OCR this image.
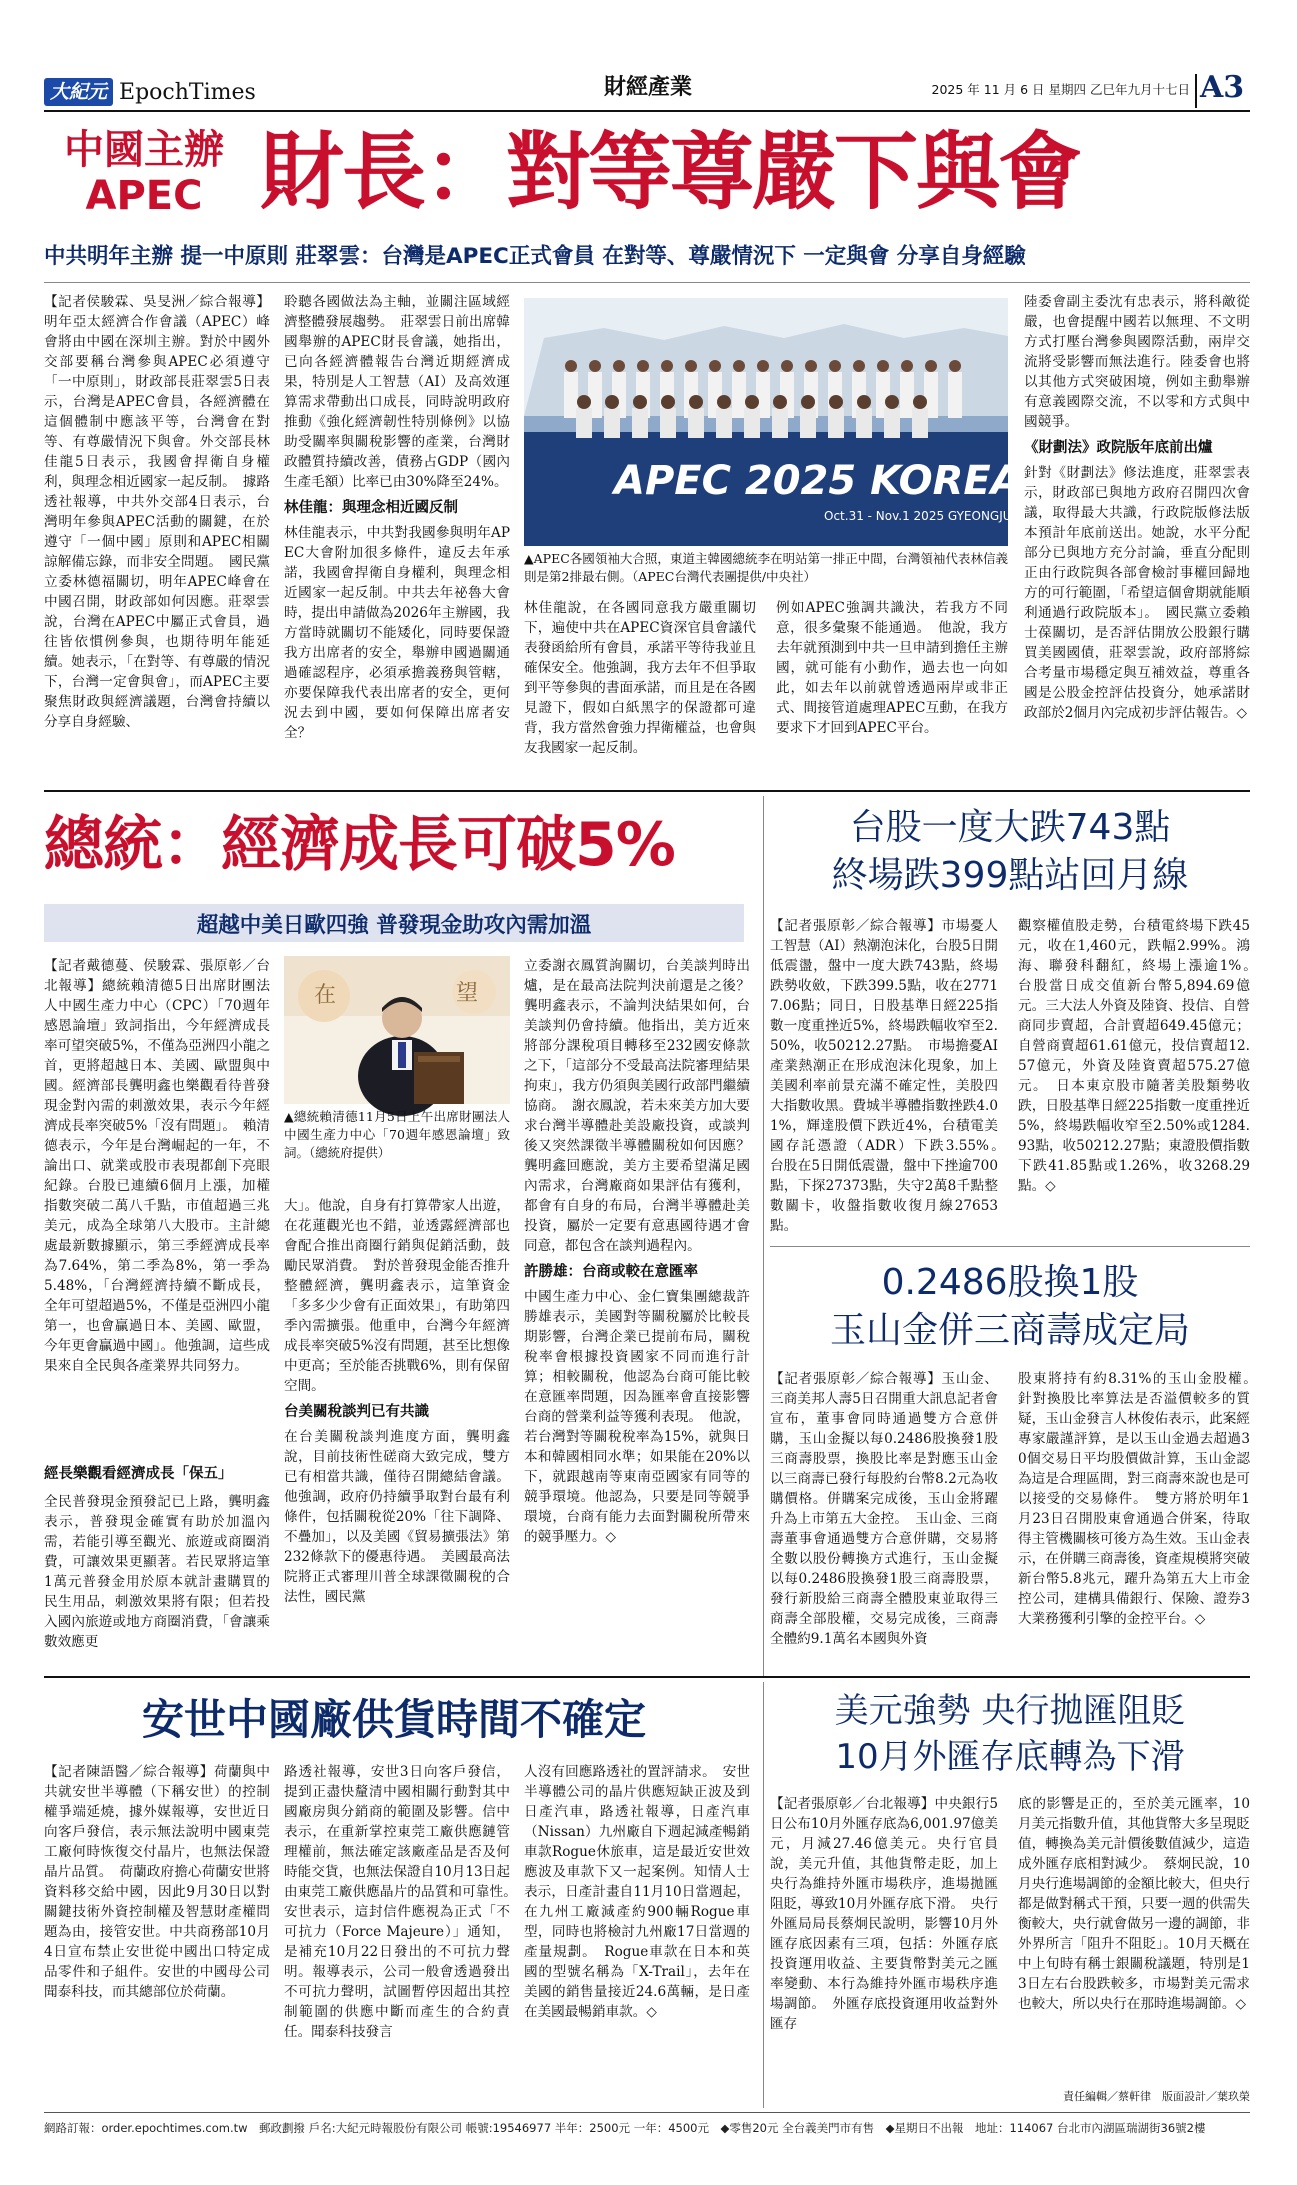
大紀元 EpochTimes	財經產業	2025 年 11 月 6 日 星期四 乙巳年九月十七日 A3
中國主辦
APEC 財長：對等尊嚴下與會
中共明年主辦 提一中原則 莊翠雲：台灣是APEC正式會員 在對等、尊嚴情況下 一定與會 分享自身經驗
【記者侯駿霖、吳旻洲／綜合報導】明年亞太經濟合作會議（APEC）峰會將由中國在深圳主辦。對於中國外交部要稱台灣參與APEC必須遵守「一中原則」，財政部長莊翠雲5日表示，台灣是APEC會員，各經濟體在這個體制中應該平等，台灣會在對等、有尊嚴情況下與會。外交部長林佳龍5日表示，我國會捍衛自身權利，與理念相近國家一起反制。　據路透社報導，中共外交部4日表示，台灣明年參與APEC活動的關鍵，在於遵守「一個中國」原則和APEC相關諒解備忘錄，而非安全問題。　國民黨立委林德福關切，明年APEC峰會在中國召開，財政部如何因應。莊翠雲說，台灣在APEC中屬正式會員，過往皆依慣例參與，也期待明年能延續。她表示，「在對等、有尊嚴的情況下，台灣一定會與會」，而APEC主要聚焦財政與經濟議題，台灣會持續以分享自身經驗、
聆聽各國做法為主軸，並關注區域經濟整體發展趨勢。　莊翠雲日前出席韓國舉辦的APEC財長會議，她指出，已向各經濟體報告台灣近期經濟成果，特別是人工智慧（AI）及高效運算需求帶動出口成長，同時說明政府推動《強化經濟韌性特別條例》以協助受關率與關稅影響的產業，台灣財政體質持續改善，債務占GDP（國內生產毛額）比率已由30%降至24%。
林佳龍：與理念相近國反制
林佳龍表示，中共對我國參與明年APEC大會附加很多條件，違反去年承諾，我國會捍衛自身權利，與理念相近國家一起反制。中共去年祕魯大會時，提出申請做為2026年主辦國，我方當時就關切不能矮化，同時要保證我方出席者的安全，舉辦申國過關通過確認程序，必須承擔義務與管轄，亦要保障我代表出席者的安全，更何況去到中國，要如何保障出席者安全？
APEC 2025 KOREA
Oct.31 - Nov.1 2025 GYEONGJU
▲APEC各國領袖大合照，東道主韓國總統李在明站第一排正中間，台灣領袖代表林信義則是第2排最右側。（APEC台灣代表團提供/中央社）
林佳龍說，在各國同意我方嚴重關切下，遍使中共在APEC資深官員會議代表發函給所有會員，承諾平等待我並且確保安全。他強調，我方去年不但爭取到平等參與的書面承諾，而且是在各國見證下，假如白紙黑字的保證都可違背，我方當然會強力捍衛權益，也會與友我國家一起反制。
例如APEC強調共識決，若我方不同意，很多彙聚不能通過。　他說，我方去年就預測到中共一旦申請到擔任主辦國，就可能有小動作，過去也一向如此，如去年以前就曾透過兩岸或非正式、間接管道處理APEC互動，在我方要求下才回到APEC平台。
陸委會副主委沈有忠表示，將科敵從嚴，也會提醒中國若以無理、不文明方式打壓台灣參與國際活動，兩岸交流將受影響而無法進行。陸委會也將以其他方式突破困境，例如主動舉辦有意義國際交流，不以零和方式與中國競爭。
《財劃法》政院版年底前出爐
針對《財劃法》修法進度，莊翠雲表示，財政部已與地方政府召開四次會議，取得最大共識，行政院版修法版本預計年底前送出。她說，水平分配部分已與地方充分討論，垂直分配則正由行政院與各部會檢討事權回歸地方的可行範圍，「希望這個會期就能順利通過行政院版本」。　國民黨立委賴士葆關切，是否評估開放公股銀行購買美國國債，莊翠雲說，政府部將綜合考量市場穩定與互補效益，尊重各國是公股金控評估投資分，她承諾財政部於2個月內完成初步評估報告。◇
總統：經濟成長可破5%
超越中美日歐四強 普發現金助攻內需加溫
【記者戴德蔓、侯駿霖、張原彰／台北報導】總統賴清德5日出席財團法人中國生產力中心（CPC）「70週年感恩論壇」致詞指出，今年經濟成長率可望突破5%，不僅為亞洲四小龍之首，更將超越日本、美國、歐盟與中國。經濟部長龔明鑫也樂觀看待普發現金對內需的刺激效果，表示今年經濟成長率突破5%「沒有問題」。　賴清德表示，今年是台灣崛起的一年，不論出口、就業或股市表現都創下亮眼紀錄。台股已連續6個月上漲，加權指數突破二萬八千點，市值超過三兆美元，成為全球第八大股市。主計總處最新數據顯示，第三季經濟成長率為7.64%，第二季為8%，第一季為5.48%，「台灣經濟持續不斷成長，全年可望超過5%，不僅是亞洲四小龍第一，也會贏過日本、美國、歐盟，今年更會贏過中國」。他強調，這些成果來自全民與各產業界共同努力。
經長樂觀看經濟成長「保五」
全民普發現金預發記已上路，龔明鑫表示，普發現金確實有助於加溫內需，若能引導至觀光、旅遊或商圈消費，可讓效果更顯著。若民眾將這筆1萬元普發金用於原本就計畫購買的民生用品，刺激效果將有限；但若投入國內旅遊或地方商圈消費，「會讓乘數效應更
在	望
▲總統賴清德11月5日上午出席財團法人中國生產力中心「70週年感恩論壇」致詞。（總統府提供）
大」。他說，自身有打算帶家人出遊，在花蓮觀光也不錯，並透露經濟部也會配合推出商圈行銷與促銷活動，鼓勵民眾消費。　對於普發現金能否推升整體經濟，龔明鑫表示，這筆資金「多多少少會有正面效果」，有助第四季內需擴張。他重申，台灣今年經濟成長率突破5%沒有問題，甚至比想像中更高；至於能否挑戰6%，則有保留空間。
台美關稅談判已有共識
在台美關稅談判進度方面，龔明鑫說，目前技術性磋商大致完成，雙方已有相當共識，僅待召開總結會議。他強調，政府仍持續爭取對台最有利條件，包括關稅從20%「往下調降、不疊加」，以及美國《貿易擴張法》第232條款下的優惠待遇。　美國最高法院將正式審理川普全球課徵關稅的合法性，國民黨
立委謝衣鳳質詢關切，台美談判時出爐，是在最高法院判決前還是之後？龔明鑫表示，不論判決結果如何，台美談判仍會持續。他指出，美方近來將部分課稅項目轉移至232國安條款之下，「這部分不受最高法院審理結果拘束」，我方仍須與美國行政部門繼續協商。　謝衣鳳說，若未來美方加大要求台灣半導體赴美設廠投資，或談判後又突然課徵半導體關稅如何因應？龔明鑫回應說，美方主要希望滿足國內需求，台灣廠商如果評估有獲利，都會有自身的布局，台灣半導體赴美投資，屬於一定要有意惠國待遇才會同意，都包含在談判過程內。
許勝雄：台商或較在意匯率
中國生產力中心、金仁寶集團總裁許勝雄表示，美國對等關稅屬於比較長期影響，台灣企業已提前布局，關稅稅率會根據投資國家不同而進行計算；相較關稅，他認為台商可能比較在意匯率問題，因為匯率會直接影響台商的營業利益等獲利表現。　他說，若台灣對等關稅稅率為15%，就與日本和韓國相同水準；如果能在20%以下，就跟越南等東南亞國家有同等的競爭環境。他認為，只要是同等競爭環境，台商有能力去面對關稅所帶來的競爭壓力。◇
台股一度大跌743點
終場跌399點站回月線
【記者張原彰／綜合報導】市場憂人工智慧（AI）熱潮泡沫化，台股5日開低震盪，盤中一度大跌743點，終場跌勢收斂，下跌399.5點，收在27717.06點；同日，日股基準日經225指數一度重挫近5%，終場跌幅收窄至2.50%，收50212.27點。　市場擔憂AI產業熱潮正在形成泡沫化現象，加上美國利率前景充滿不確定性，美股四大指數收黑。費城半導體指數挫跌4.01%，輝達股價下跌近4%，台積電美國存託憑證（ADR）下跌3.55%。　台股在5日開低震盪，盤中下挫逾700點，下探27373點，失守2萬8千點整數關卡，收盤指數收復月線27653點。
觀察權值股走勢，台積電終場下跌45元，收在1,460元，跌幅2.99%。鴻海、聯發科翻紅，終場上漲逾1%。　台股當日成交值新台幣5,894.69億元。三大法人外資及陸資、投信、自營商同步賣超，合計賣超649.45億元；自營商賣超61.61億元，投信賣超12.57億元，外資及陸資賣超575.27億元。　日本東京股市隨著美股類勢收跌，日股基準日經225指數一度重挫近5%，終場跌幅收窄至2.50%或1284.93點，收50212.27點；東證股價指數下跌41.85點或1.26%，收3268.29點。◇
0.2486股換1股
玉山金併三商壽成定局
【記者張原彰／綜合報導】玉山金、三商美邦人壽5日召開重大訊息記者會宣布，董事會同時通過雙方合意併購，玉山金擬以每0.2486股換發1股三商壽股票，換股比率是對應玉山金以三商壽已發行每股約台幣8.2元為收購價格。併購案完成後，玉山金將躍升為上市第五大金控。　玉山金、三商壽董事會通過雙方合意併購，交易將全數以股份轉換方式進行，玉山金擬以每0.2486股換發1股三商壽股票，發行新股給三商壽全體股東並取得三商壽全部股權，交易完成後，三商壽全體約9.1萬名本國與外資
股東將持有約8.31%的玉山金股權。　針對換股比率算法是否溢價較多的質疑，玉山金發言人林俊佑表示，此案經專家嚴謹評算，是以玉山金過去超過30個交易日平均股價做計算，玉山金認為這是合理區間，對三商壽來說也是可以接受的交易條件。　雙方將於明年1月23日召開股東會通過合併案，待取得主管機關核可後方為生效。玉山金表示，在併購三商壽後，資產規模將突破新台幣5.8兆元，躍升為第五大上市金控公司，建構具備銀行、保險、證券3大業務獲利引擎的金控平台。◇
安世中國廠供貨時間不確定
【記者陳語醫／綜合報導】荷蘭與中共就安世半導體（下稱安世）的控制權爭端延燒，據外媒報導，安世近日向客戶發信，表示無法說明中國東莞工廠何時恢復交付晶片，也無法保證晶片品質。　荷蘭政府擔心荷蘭安世將資料移交給中國，因此9月30日以對關鍵技術外資控制權及智慧財產權問題為由，接管安世。中共商務部10月4日宣布禁止安世從中國出口特定成品零件和子組件。安世的中國母公司聞泰科技，而其總部位於荷蘭。
路透社報導，安世3日向客戶發信，提到正盡快釐清中國相關行動對其中國廠房與分銷商的範圍及影響。信中表示，在重新掌控東莞工廠供應鏈管理權前，無法確定該廠產品是否及何時能交貨，也無法保證自10月13日起由東莞工廠供應晶片的品質和可靠性。　安世表示，這封信件應視為正式「不可抗力（Force Majeure）」通知，是補充10月22日發出的不可抗力聲明。報導表示，公司一般會透過發出不可抗力聲明，試圖暫停因超出其控制範圍的供應中斷而產生的合約責任。聞泰科技發言
人沒有回應路透社的置評請求。　安世半導體公司的晶片供應短缺正波及到日產汽車，路透社報導，日產汽車（Nissan）九州廠自下週起減產暢銷車款Rogue休旅車，這是最近安世效應波及車款下又一起案例。知情人士表示，日產計畫自11月10日當週起，在九州工廠減產約900輛Rogue車型，同時也將檢討九州廠17日當週的產量規劃。　Rogue車款在日本和英國的型號名稱為「X-Trail」，去年在美國的銷售量接近24.6萬輛，是日產在美國最暢銷車款。◇
美元強勢 央行拋匯阻貶
10月外匯存底轉為下滑
【記者張原彰／台北報導】中央銀行5日公布10月外匯存底為6,001.97億美元，月減27.46億美元。央行官員說，美元升值，其他貨幣走貶，加上央行為維持外匯市場秩序，進場拋匯阻貶，導致10月外匯存底下滑。　央行外匯局局長蔡炯民說明，影響10月外匯存底因素有三項，包括：外匯存底投資運用收益、主要貨幣對美元之匯率變動、本行為維持外匯市場秩序進場調節。　外匯存底投資運用收益對外匯存
底的影響是正的，至於美元匯率，10月美元指數升值，其他貨幣大多呈現貶值，轉換為美元計價後數值減少，這造成外匯存底相對減少。　蔡炯民說，10月央行進場調節的金額比較大，但央行都是做對稱式干預，只要一週的供需失衡較大，央行就會做另一邊的調節，非外界所言「阻升不阻貶」。10月天概在中上旬時有稱士銀關稅議題，特別是13日左右台股跌較多，市場對美元需求也較大，所以央行在那時進場調節。◇
責任編輯／蔡軒律　版面設計／葉玖榮
網路訂報：order.epochtimes.com.tw　郵政劃撥 戶名:大紀元時報股份有限公司 帳號:19546977 半年：2500元 一年：4500元　◆零售20元 全台義美門市有售　◆星期日不出報　地址：114067 台北市內湖區瑞湖街36號2樓
